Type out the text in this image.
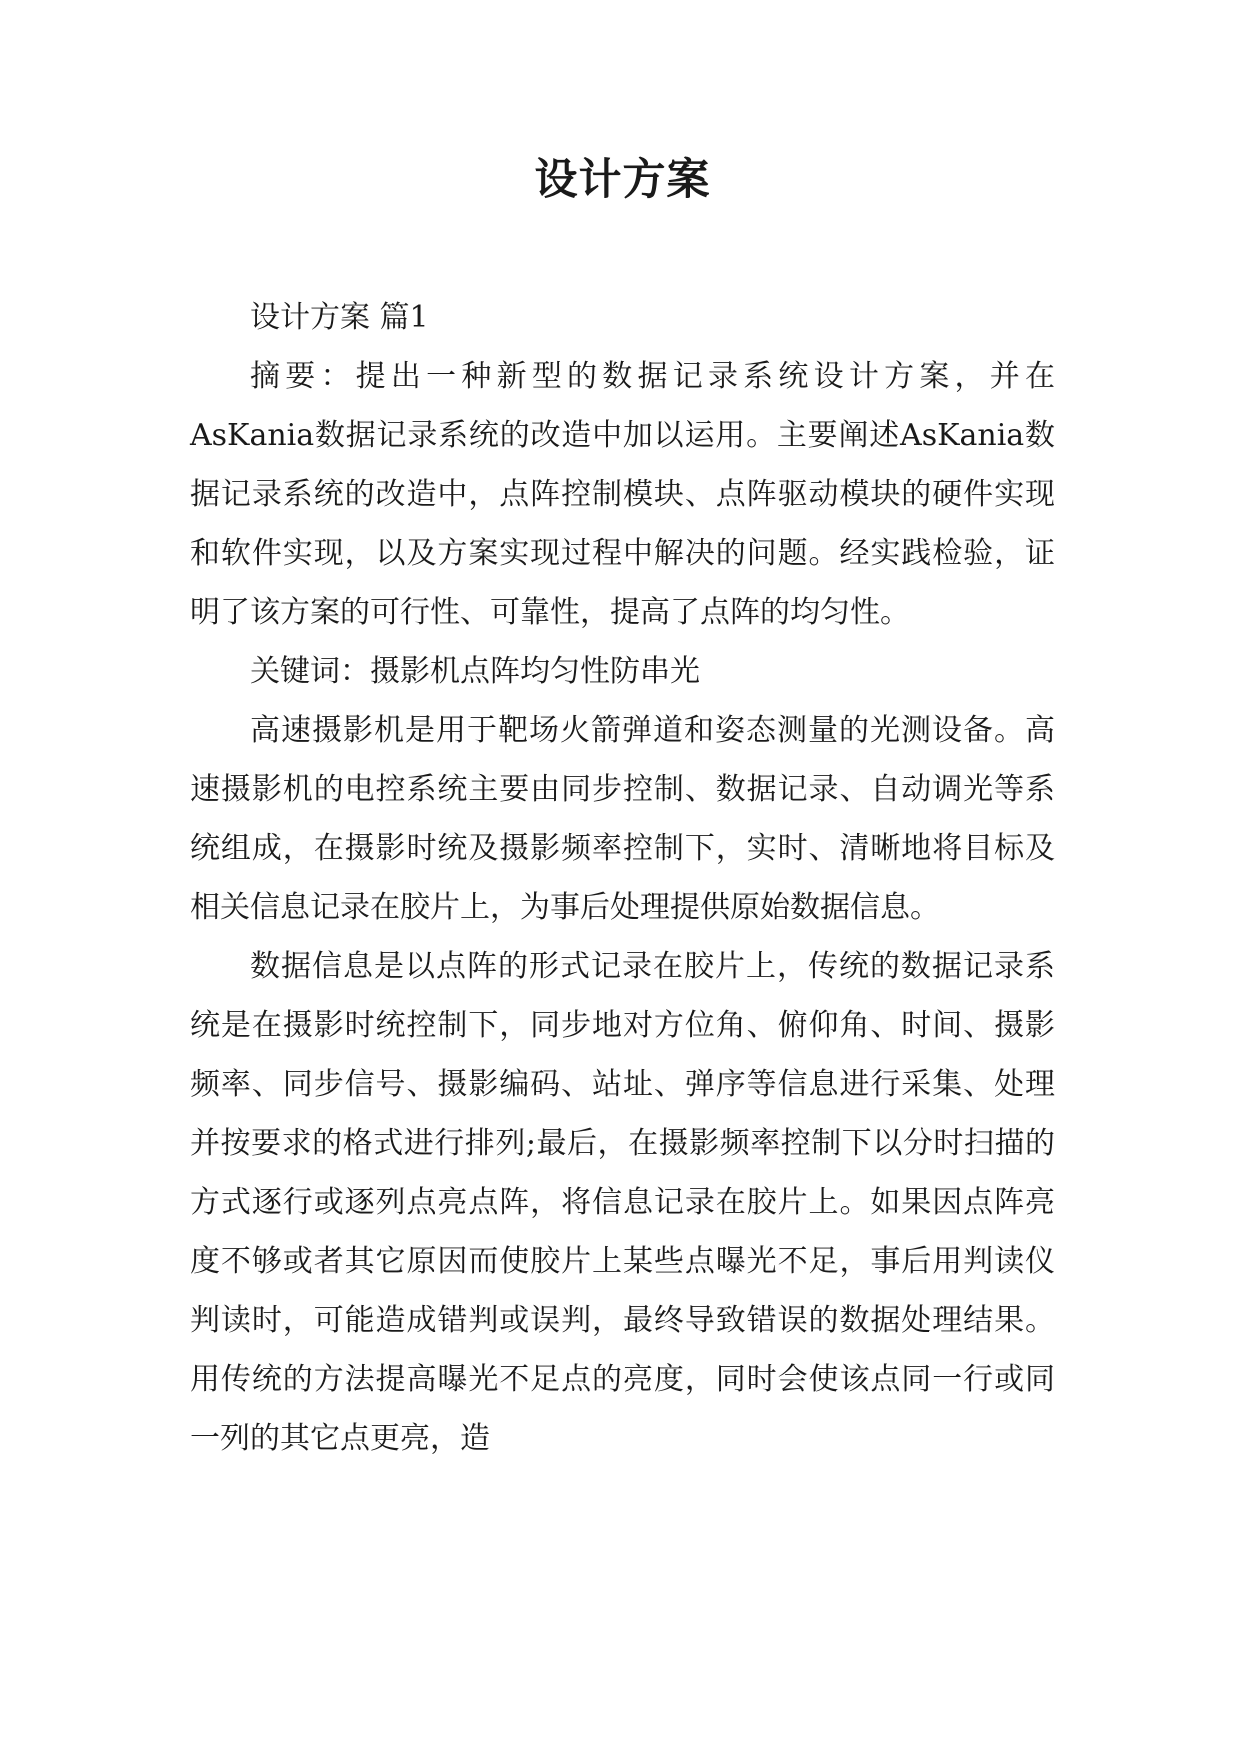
设计方案

设计方案 篇1

摘要：提出一种新型的数据记录系统设计方案，并在AsKania数据记录系统的改造中加以运用。主要阐述AsKania数据记录系统的改造中，点阵控制模块、点阵驱动模块的硬件实现和软件实现，以及方案实现过程中解决的问题。经实践检验，证明了该方案的可行性、可靠性，提高了点阵的均匀性。

关键词：摄影机点阵均匀性防串光

高速摄影机是用于靶场火箭弹道和姿态测量的光测设备。高速摄影机的电控系统主要由同步控制、数据记录、自动调光等系统组成，在摄影时统及摄影频率控制下，实时、清晰地将目标及相关信息记录在胶片上，为事后处理提供原始数据信息。

数据信息是以点阵的形式记录在胶片上，传统的数据记录系统是在摄影时统控制下，同步地对方位角、俯仰角、时间、摄影频率、同步信号、摄影编码、站址、弹序等信息进行采集、处理并按要求的格式进行排列;最后，在摄影频率控制下以分时扫描的方式逐行或逐列点亮点阵，将信息记录在胶片上。如果因点阵亮度不够或者其它原因而使胶片上某些点曝光不足，事后用判读仪判读时，可能造成错判或误判，最终导致错误的数据处理结果。用传统的方法提高曝光不足点的亮度，同时会使该点同一行或同一列的其它点更亮，造
